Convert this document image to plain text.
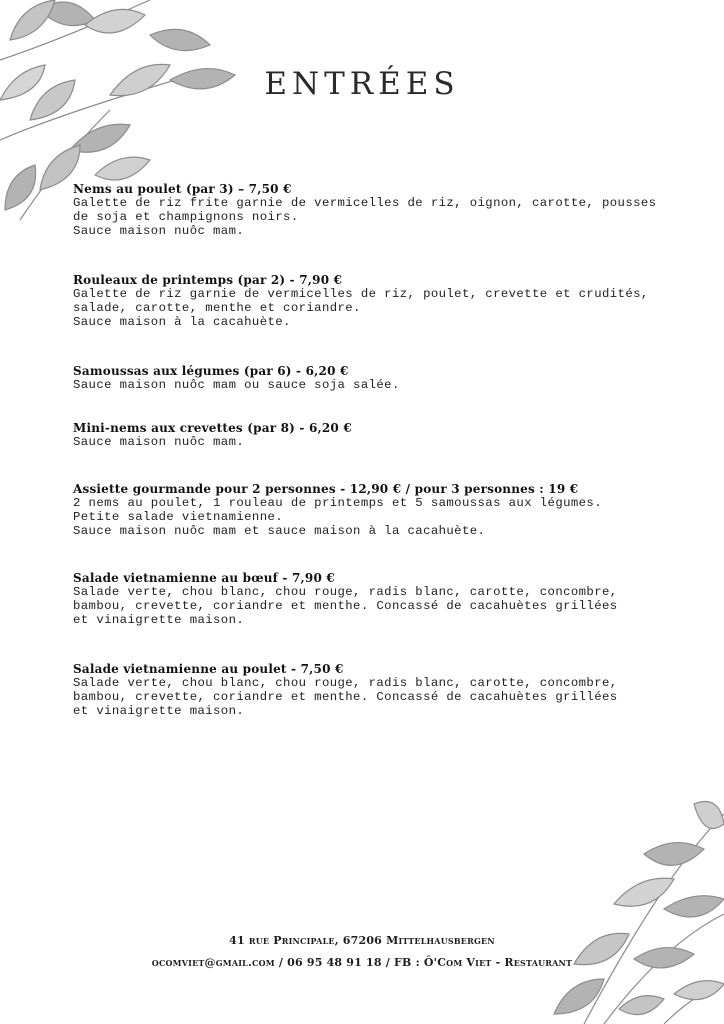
ENTRÉES
Nems au poulet (par 3) – 7,50 €
Galette de riz frite garnie de vermicelles de riz, oignon, carotte, pousses
de soja et champignons noirs.
Sauce maison nuôc mam.
Rouleaux de printemps (par 2) - 7,90 €
Galette de riz garnie de vermicelles de riz, poulet, crevette et crudités,
salade, carotte, menthe et coriandre.
Sauce maison à la cacahuète.
Samoussas aux légumes (par 6) - 6,20 €
Sauce maison nuôc mam ou sauce soja salée.
Mini-nems aux crevettes (par 8) - 6,20 €
Sauce maison nuôc mam.
Assiette gourmande pour 2 personnes - 12,90 € / pour 3 personnes : 19 €
2 nems au poulet, 1 rouleau de printemps et 5 samoussas aux légumes.
Petite salade vietnamienne.
Sauce maison nuôc mam et sauce maison à la cacahuète.
Salade vietnamienne au bœuf - 7,90 €
Salade verte, chou blanc, chou rouge, radis blanc, carotte, concombre,
bambou, crevette, coriandre et menthe. Concassé de cacahuètes grillées
et vinaigrette maison.
Salade vietnamienne au poulet - 7,50 €
Salade verte, chou blanc, chou rouge, radis blanc, carotte, concombre,
bambou, crevette, coriandre et menthe. Concassé de cacahuètes grillées
et vinaigrette maison.
41 rue Principale, 67206 Mittelhausbergen
ocomviet@gmail.com / 06 95 48 91 18 / FB : Ô'Com Viet - Restaurant
